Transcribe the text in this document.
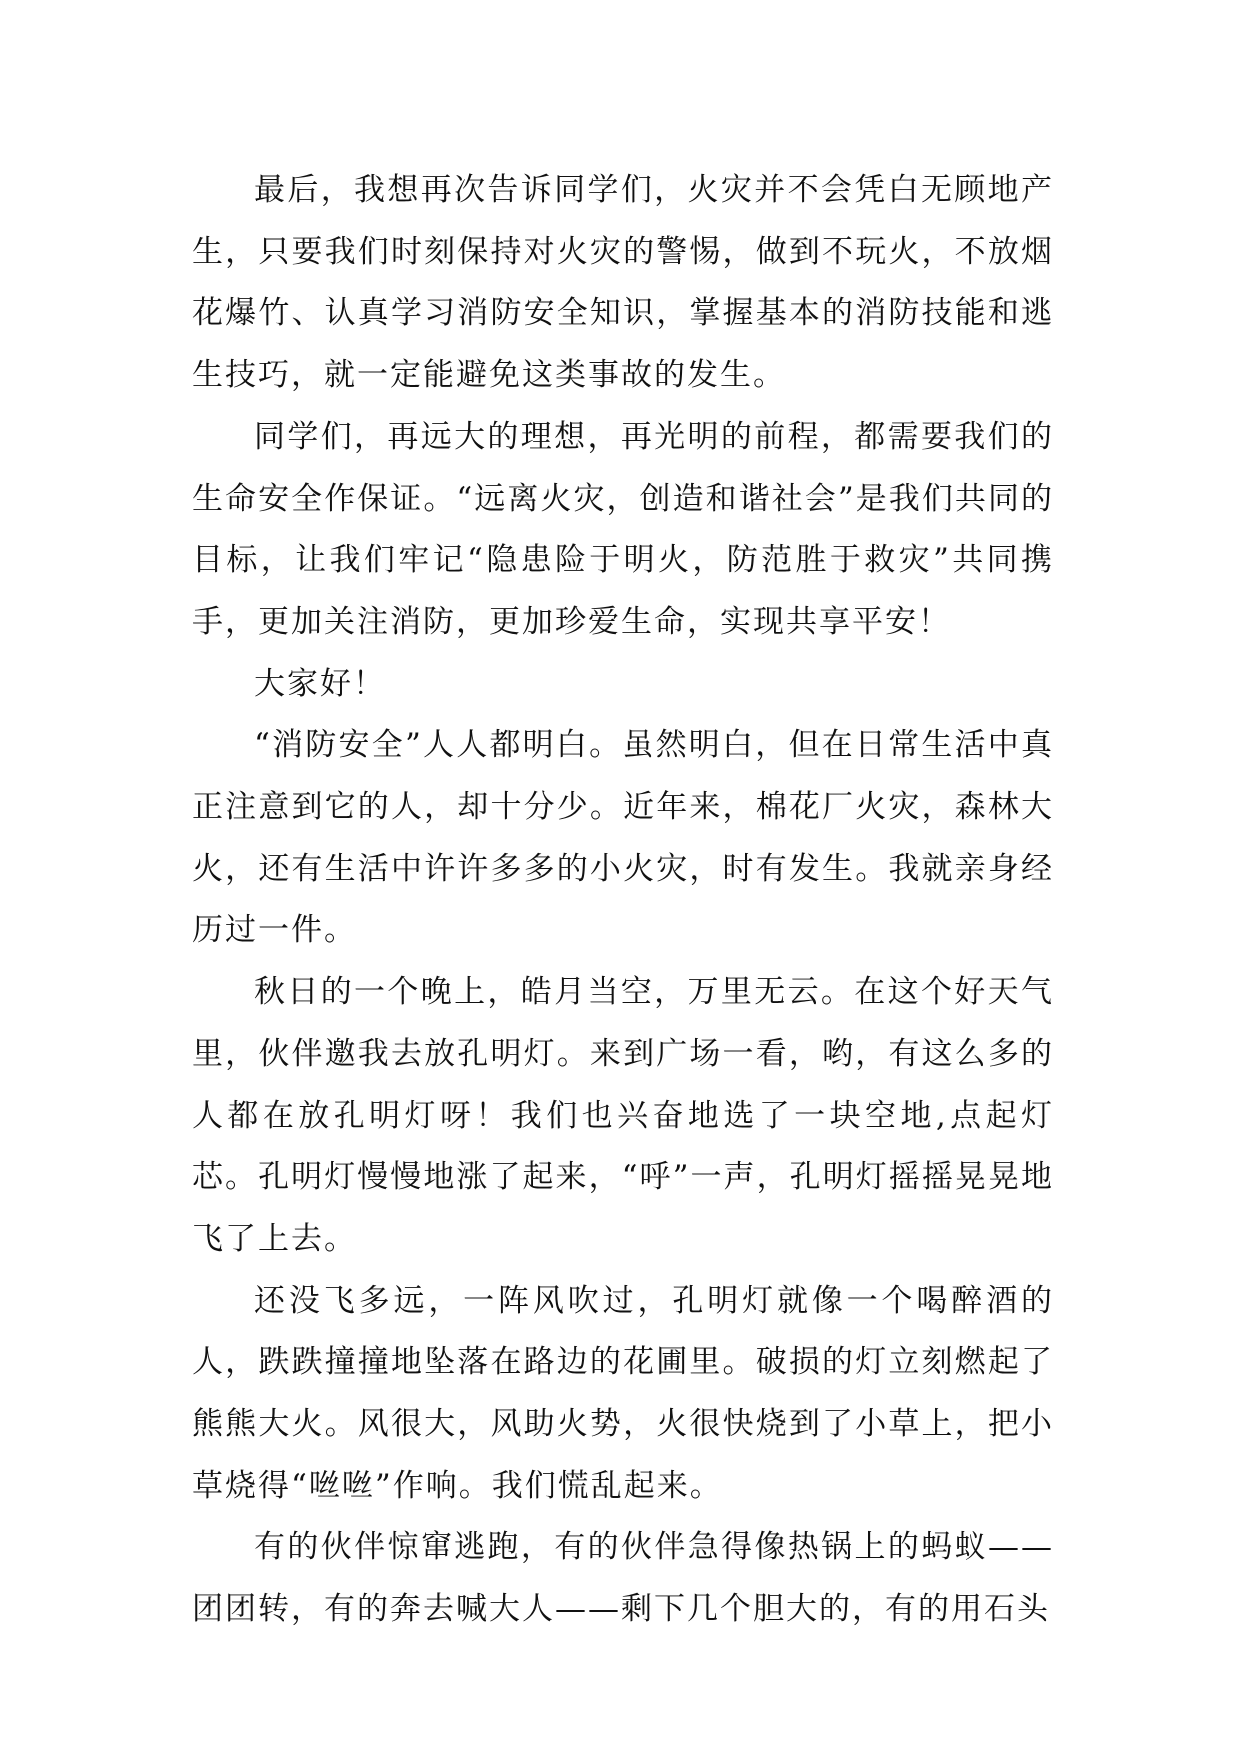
最后，我想再次告诉同学们，火灾并不会凭白无顾地产生，只要我们时刻保持对火灾的警惕，做到不玩火，不放烟花爆竹、认真学习消防安全知识，掌握基本的消防技能和逃生技巧，就一定能避免这类事故的发生。

同学们，再远大的理想，再光明的前程，都需要我们的生命安全作保证。“远离火灾，创造和谐社会”是我们共同的目标，让我们牢记“隐患险于明火，防范胜于救灾”共同携手，更加关注消防，更加珍爱生命，实现共享平安！

大家好！

“消防安全”人人都明白。虽然明白，但在日常生活中真正注意到它的人，却十分少。近年来，棉花厂火灾，森林大火，还有生活中许许多多的小火灾，时有发生。我就亲身经历过一件。

秋日的一个晚上，皓月当空，万里无云。在这个好天气里，伙伴邀我去放孔明灯。来到广场一看，哟，有这么多的人都在放孔明灯呀！我们也兴奋地选了一块空地,点起灯芯。孔明灯慢慢地涨了起来，“呼”一声，孔明灯摇摇晃晃地飞了上去。

还没飞多远，一阵风吹过，孔明灯就像一个喝醉酒的人，跌跌撞撞地坠落在路边的花圃里。破损的灯立刻燃起了熊熊大火。风很大，风助火势，火很快烧到了小草上，把小草烧得“咝咝”作响。我们慌乱起来。

有的伙伴惊窜逃跑，有的伙伴急得像热锅上的蚂蚁——团团转，有的奔去喊大人——剩下几个胆大的，有的用石头
